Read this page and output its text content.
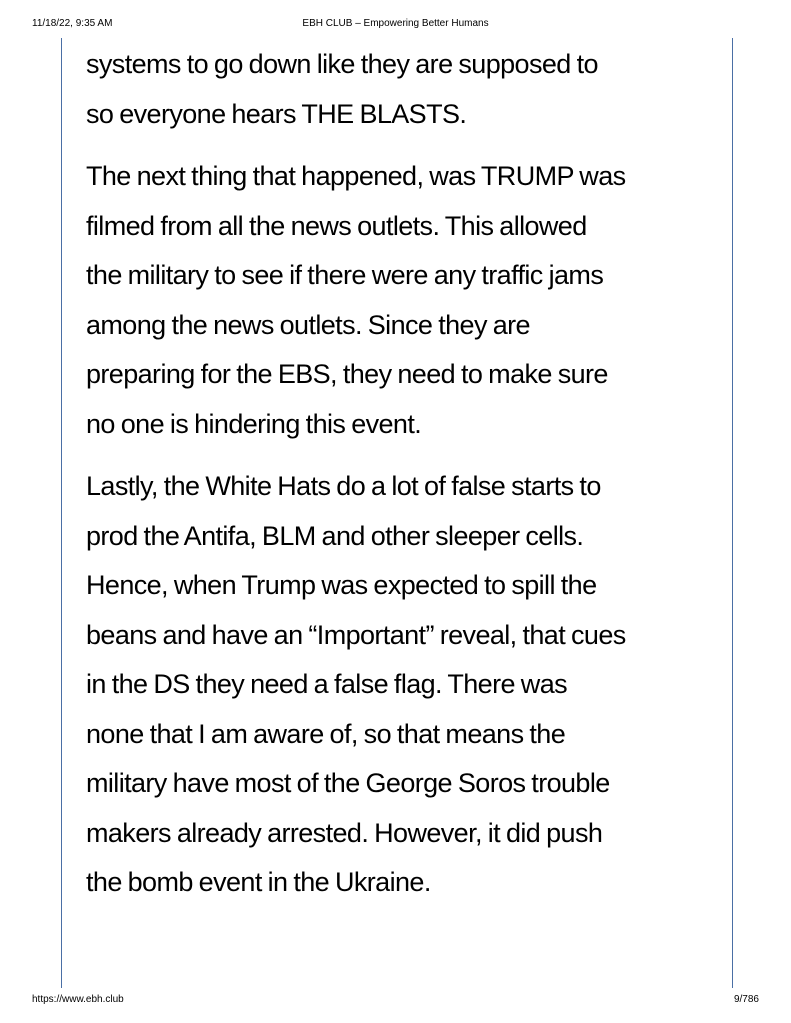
11/18/22, 9:35 AM	EBH CLUB – Empowering Better Humans

systems to go down like they are supposed to
so everyone hears THE BLASTS.

The next thing that happened, was TRUMP was
filmed from all the news outlets. This allowed
the military to see if there were any traffic jams
among the news outlets. Since they are
preparing for the EBS, they need to make sure
no one is hindering this event.

Lastly, the White Hats do a lot of false starts to
prod the Antifa, BLM and other sleeper cells.
Hence, when Trump was expected to spill the
beans and have an “Important” reveal, that cues
in the DS they need a false flag. There was
none that I am aware of, so that means the
military have most of the George Soros trouble
makers already arrested. However, it did push
the bomb event in the Ukraine.

https://www.ebh.club	9/786
